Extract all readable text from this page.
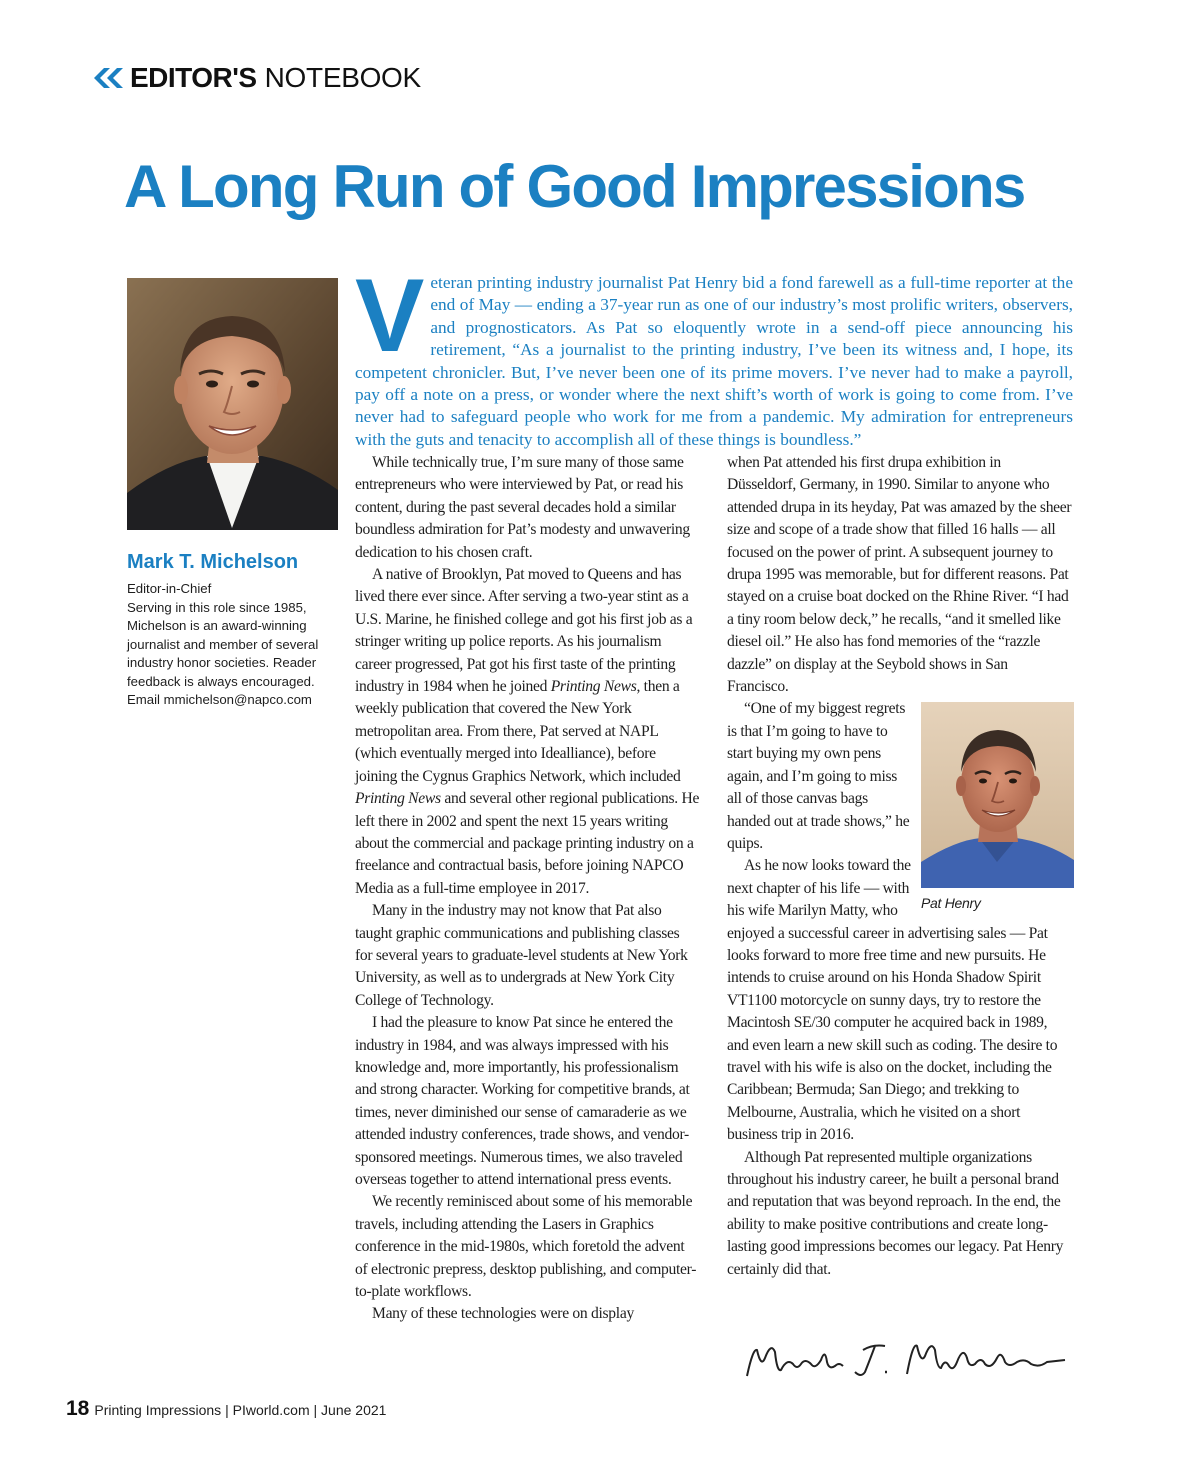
EDITOR'S NOTEBOOK
A Long Run of Good Impressions
Mark T. Michelson
Editor-in-Chief
Serving in this role since 1985, Michelson is an award-winning journalist and member of several industry honor societies. Reader feedback is always encouraged. Email mmichelson@napco.com

Veteran printing industry journalist Pat Henry bid a fond farewell as a full-time reporter at the end of May — ending a 37-year run as one of our industry’s most prolific writers, observers, and prognosticators. As Pat so eloquently wrote in a send-off piece announcing his retirement, “As a journalist to the printing industry, I’ve been its witness and, I hope, its competent chronicler. But, I’ve never been one of its prime movers. I’ve never had to make a payroll, pay off a note on a press, or wonder where the next shift’s worth of work is going to come from. I’ve never had to safeguard people who work for me from a pandemic. My admiration for entrepreneurs with the guts and tenacity to accomplish all of these things is boundless.”

While technically true, I’m sure many of those same entrepreneurs who were interviewed by Pat, or read his content, during the past several decades hold a similar boundless admiration for Pat’s modesty and unwavering dedication to his chosen craft.

A native of Brooklyn, Pat moved to Queens and has lived there ever since. After serving a two-year stint as a U.S. Marine, he finished college and got his first job as a stringer writing up police reports. As his journalism career progressed, Pat got his first taste of the printing industry in 1984 when he joined Printing News, then a weekly publication that covered the New York metropolitan area. From there, Pat served at NAPL (which eventually merged into Idealliance), before joining the Cygnus Graphics Network, which included Printing News and several other regional publications. He left there in 2002 and spent the next 15 years writing about the commercial and package printing industry on a freelance and contractual basis, before joining NAPCO Media as a full-time employee in 2017.

Many in the industry may not know that Pat also taught graphic communications and publishing classes for several years to graduate-level students at New York University, as well as to undergrads at New York City College of Technology.

I had the pleasure to know Pat since he entered the industry in 1984, and was always impressed with his knowledge and, more importantly, his professionalism and strong character. Working for competitive brands, at times, never diminished our sense of camaraderie as we attended industry conferences, trade shows, and vendor-sponsored meetings. Numerous times, we also traveled overseas together to attend international press events.

We recently reminisced about some of his memorable travels, including attending the Lasers in Graphics conference in the mid-1980s, which foretold the advent of electronic prepress, desktop publishing, and computer-to-plate workflows.

Many of these technologies were on display

when Pat attended his first drupa exhibition in Düsseldorf, Germany, in 1990. Similar to anyone who attended drupa in its heyday, Pat was amazed by the sheer size and scope of a trade show that filled 16 halls — all focused on the power of print. A subsequent journey to drupa 1995 was memorable, but for different reasons. Pat stayed on a cruise boat docked on the Rhine River. “I had a tiny room below deck,” he recalls, “and it smelled like diesel oil.” He also has fond memories of the “razzle dazzle” on display at the Seybold shows in San Francisco.

Pat Henry
“One of my biggest regrets is that I’m going to have to start buying my own pens again, and I’m going to miss all of those canvas bags handed out at trade shows,” he quips.

As he now looks toward the next chapter of his life — with his wife Marilyn Matty, who enjoyed a successful career in advertising sales — Pat looks forward to more free time and new pursuits. He intends to cruise around on his Honda Shadow Spirit VT1100 motorcycle on sunny days, try to restore the Macintosh SE/30 computer he acquired back in 1989, and even learn a new skill such as coding. The desire to travel with his wife is also on the docket, including the Caribbean; Bermuda; San Diego; and trekking to Melbourne, Australia, which he visited on a short business trip in 2016.

Although Pat represented multiple organizations throughout his industry career, he built a personal brand and reputation that was beyond reproach. In the end, the ability to make positive contributions and create long-lasting good impressions becomes our legacy. Pat Henry certainly did that.

18 Printing Impressions | PIworld.com | June 2021
